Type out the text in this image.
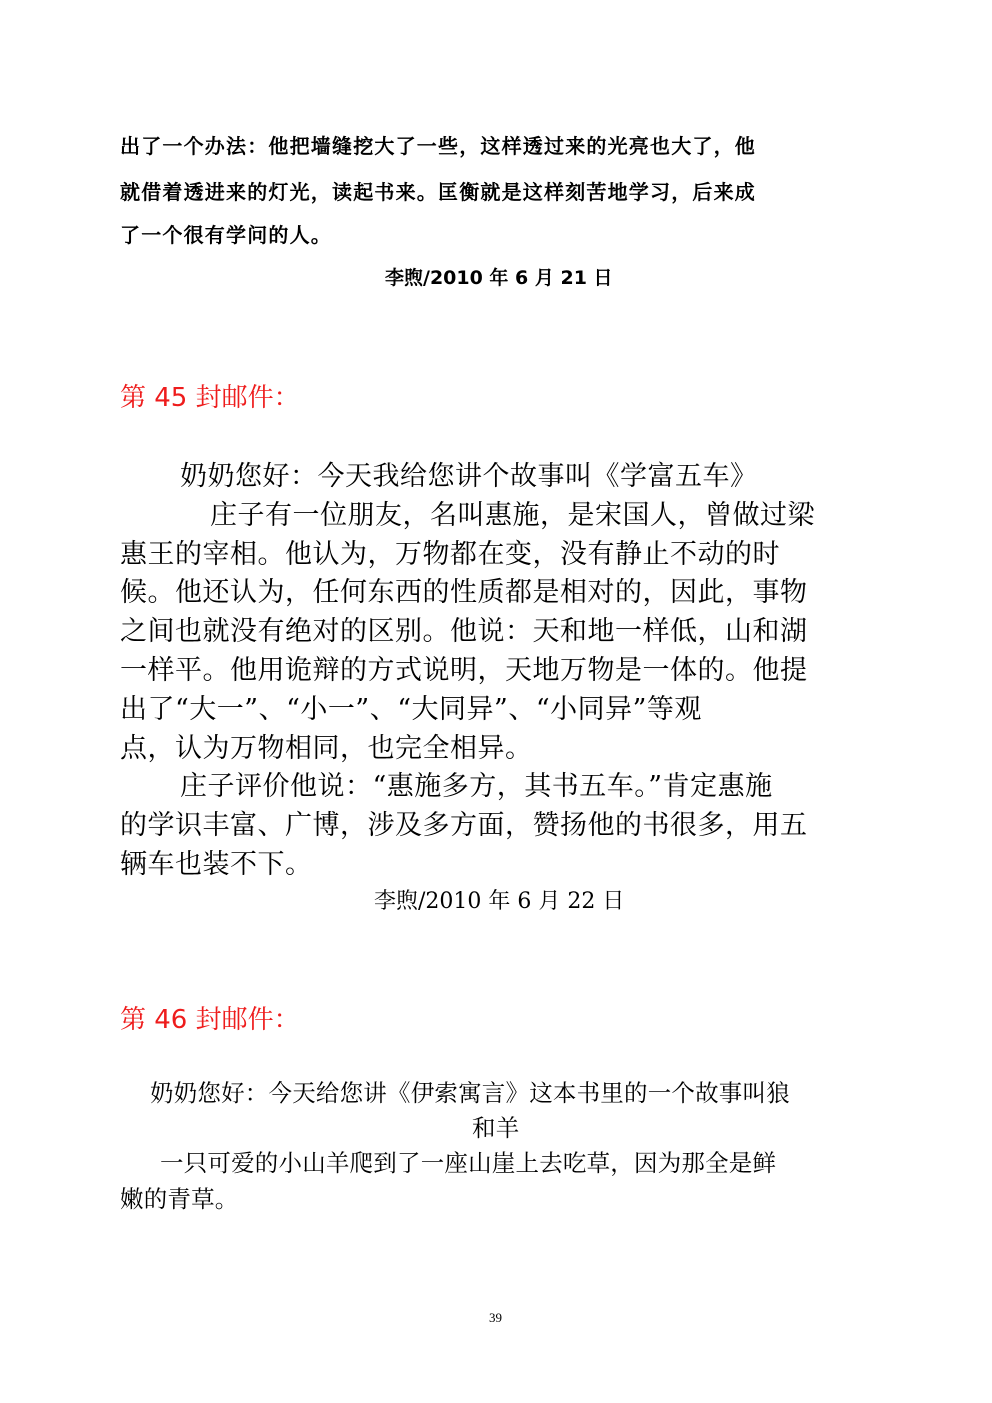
出了一个办法：他把墙缝挖大了一些，这样透过来的光亮也大了，他
就借着透进来的灯光，读起书来。匡衡就是这样刻苦地学习，后来成
了一个很有学问的人。
李煦/2010 年 6 月 21 日
第 45 封邮件：
奶奶您好：今天我给您讲个故事叫《学富五车》
庄子有一位朋友，名叫惠施，是宋国人，曾做过梁
惠王的宰相。他认为，万物都在变，没有静止不动的时
候。他还认为，任何东西的性质都是相对的，因此，事物
之间也就没有绝对的区别。他说：天和地一样低，山和湖
一样平。他用诡辩的方式说明，天地万物是一体的。他提
出了“大一”、“小一”、“大同异”、“小同异”等观
点，认为万物相同，也完全相异。
庄子评价他说：“惠施多方，其书五车。”肯定惠施
的学识丰富、广博，涉及多方面，赞扬他的书很多，用五
辆车也装不下。
李煦/2010 年 6 月 22 日
第 46 封邮件：
奶奶您好：今天给您讲《伊索寓言》这本书里的一个故事叫狼
和羊
一只可爱的小山羊爬到了一座山崖上去吃草，因为那全是鲜
嫩的青草。
39
